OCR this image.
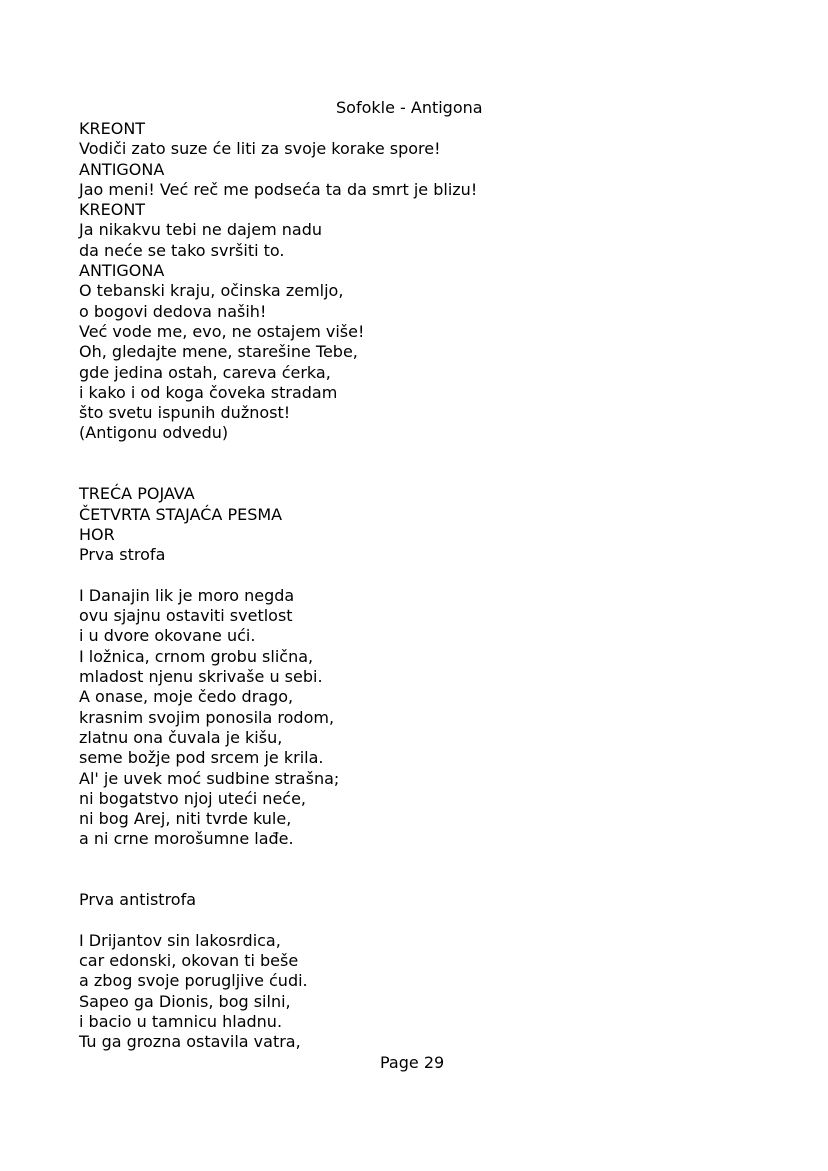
Sofokle - Antigona
KREONT
Vodiči zato suze će liti za svoje korake spore!
ANTIGONA
Jao meni! Već reč me podseća ta da smrt je blizu!
KREONT
Ja nikakvu tebi ne dajem nadu
da neće se tako svršiti to.
ANTIGONA
O tebanski kraju, očinska zemljo,
o bogovi dedova naših!
Već vode me, evo, ne ostajem više!
Oh, gledajte mene, starešine Tebe,
gde jedina ostah, careva ćerka,
i kako i od koga čoveka stradam
što svetu ispunih dužnost!
(Antigonu odvedu)
TREĆA POJAVA
ČETVRTA STAJAĆA PESMA
HOR
Prva strofa
I Danajin lik je moro negda
ovu sjajnu ostaviti svetlost
i u dvore okovane ući.
I ložnica, crnom grobu slična,
mladost njenu skrivaše u sebi.
A onase, moje čedo drago,
krasnim svojim ponosila rodom,
zlatnu ona čuvala je kišu,
seme božje pod srcem je krila.
Al' je uvek moć sudbine strašna;
ni bogatstvo njoj uteći neće,
ni bog Arej, niti tvrde kule,
a ni crne morošumne lađe.
Prva antistrofa
I Drijantov sin lakosrdica,
car edonski, okovan ti beše
a zbog svoje porugljive ćudi.
Sapeo ga Dionis, bog silni,
i bacio u tamnicu hladnu.
Tu ga grozna ostavila vatra,
Page 29
